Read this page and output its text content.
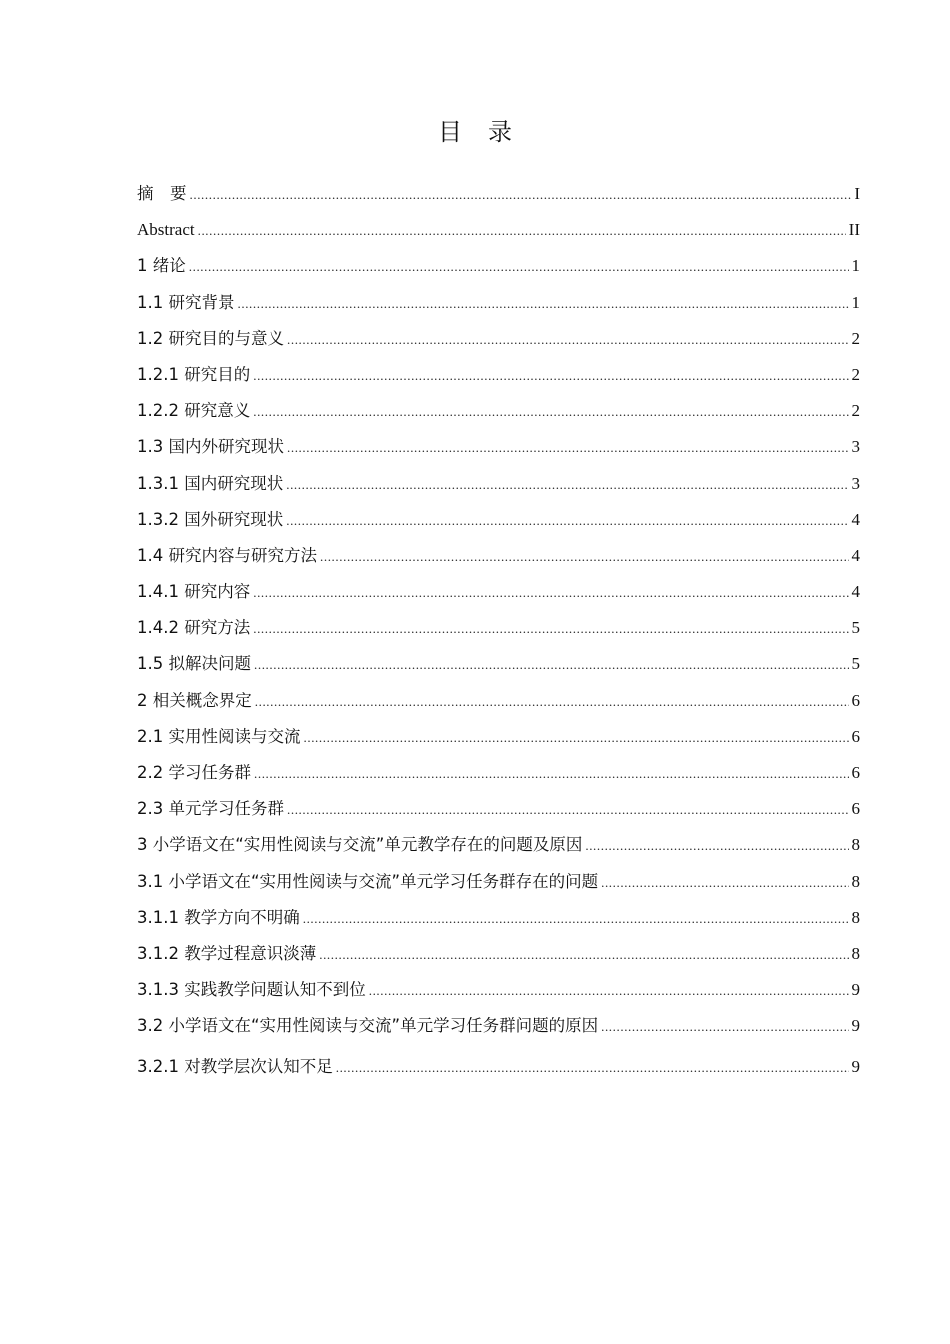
目录
摘　要 .....	I
Abstract .....	II
1 绪论 .....	1
1.1 研究背景 .....	1
1.2 研究目的与意义 .....	2
1.2.1 研究目的 .....	2
1.2.2 研究意义 .....	2
1.3 国内外研究现状 .....	3
1.3.1 国内研究现状 .....	3
1.3.2 国外研究现状 .....	4
1.4 研究内容与研究方法 .....	4
1.4.1 研究内容 .....	4
1.4.2 研究方法 .....	5
1.5 拟解决问题 .....	5
2 相关概念界定 .....	6
2.1 实用性阅读与交流 .....	6
2.2 学习任务群 .....	6
2.3 单元学习任务群 .....	6
3 小学语文在“实用性阅读与交流”单元教学存在的问题及原因 .....	8
3.1 小学语文在“实用性阅读与交流”单元学习任务群存在的问题 .....	8
3.1.1 教学方向不明确 .....	8
3.1.2 教学过程意识淡薄 .....	8
3.1.3 实践教学问题认知不到位 .....	9
3.2 小学语文在“实用性阅读与交流”单元学习任务群问题的原因 .....	9
3.2.1 对教学层次认知不足 .....	9
